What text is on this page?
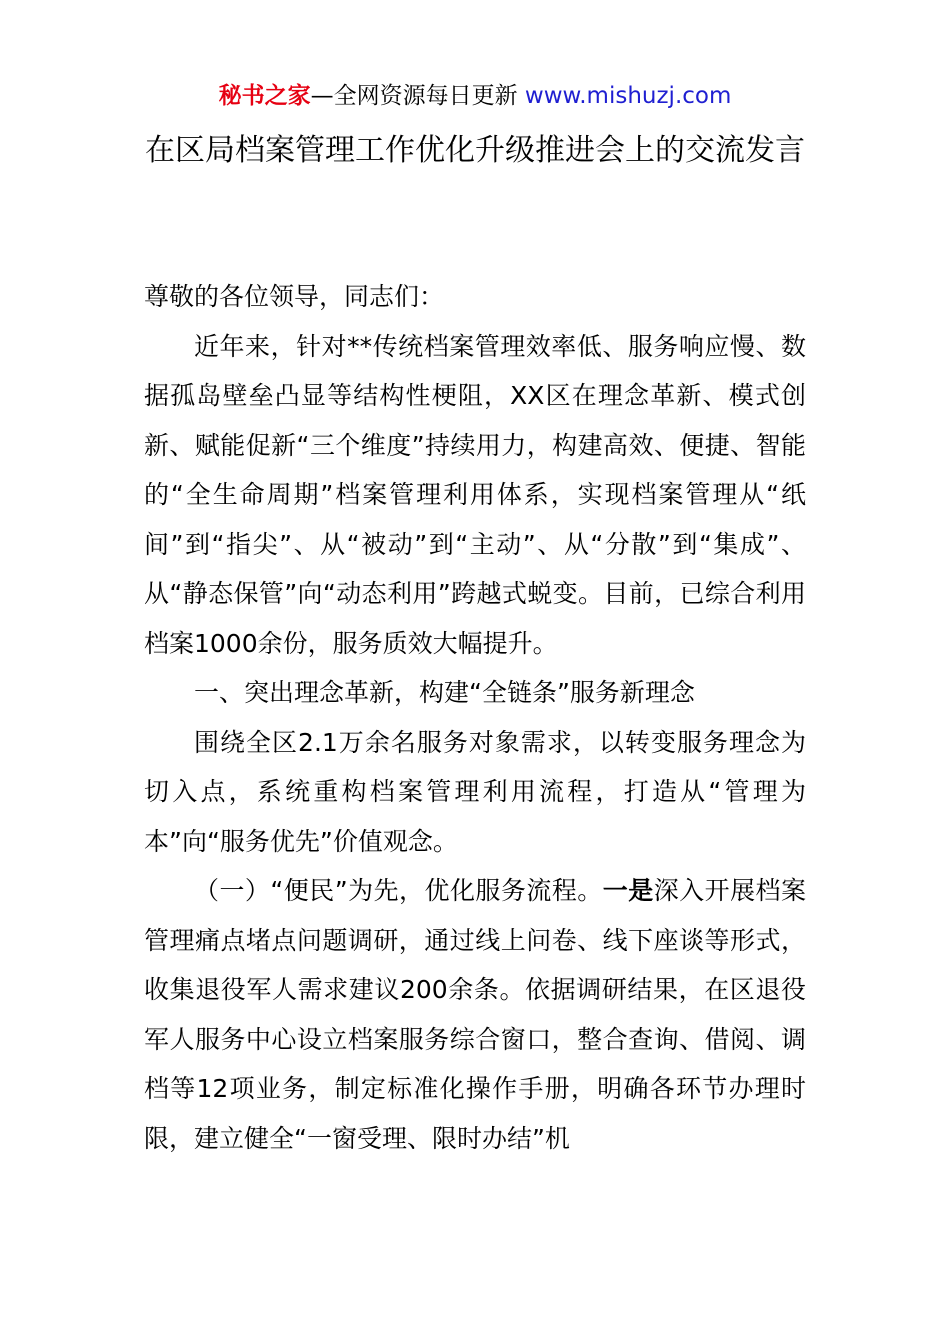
秘书之家—全网资源每日更新 www.mishuzj.com
在区局档案管理工作优化升级推进会上的交流发言

尊敬的各位领导，同志们：

近年来，针对**传统档案管理效率低、服务响应慢、数据孤岛壁垒凸显等结构性梗阻，XX区在理念革新、模式创新、赋能促新“三个维度”持续用力，构建高效、便捷、智能的“全生命周期”档案管理利用体系，实现档案管理从“纸间”到“指尖”、从“被动”到“主动”、从“分散”到“集成”、从“静态保管”向“动态利用”跨越式蜕变。目前，已综合利用档案1000余份，服务质效大幅提升。

一、突出理念革新，构建“全链条”服务新理念

围绕全区2.1万余名服务对象需求，以转变服务理念为切入点，系统重构档案管理利用流程，打造从“管理为本”向“服务优先”价值观念。

（一）“便民”为先，优化服务流程。一是深入开展档案管理痛点堵点问题调研，通过线上问卷、线下座谈等形式，收集退役军人需求建议200余条。依据调研结果，在区退役军人服务中心设立档案服务综合窗口，整合查询、借阅、调档等12项业务，制定标准化操作手册，明确各环节办理时限，建立健全“一窗受理、限时办结”机
